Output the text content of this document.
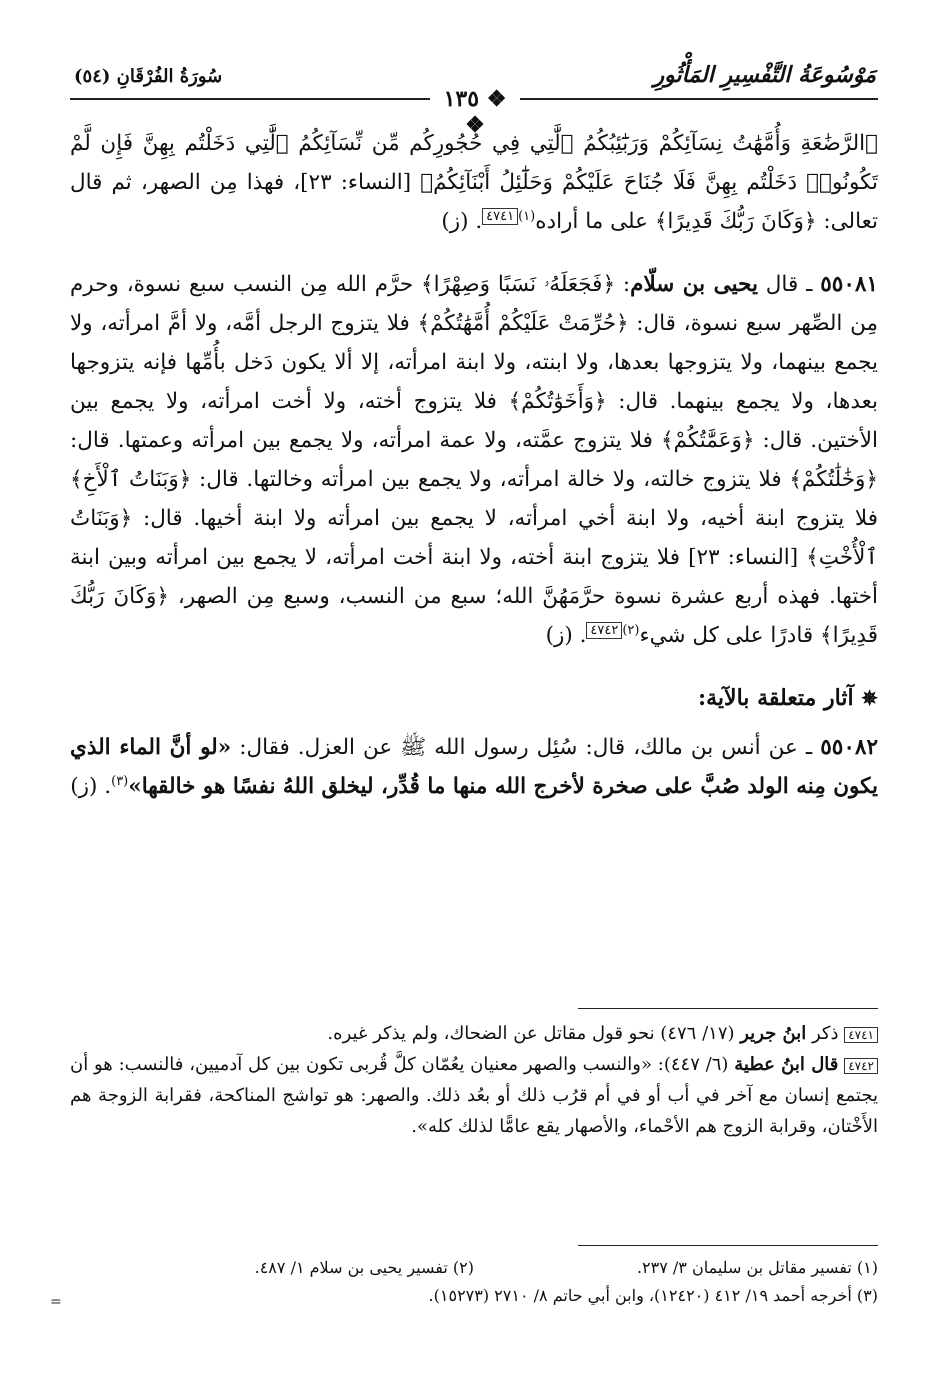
مَوْسُوعَةُ التَّفْسِيرِ المَأْثُورِ
سُورَةُ الفُرْقَانِ (٥٤)
❖ ١٣٥ ❖

﴿الرَّضَٰعَةِ وَأُمَّهَٰتُ نِسَآئِكُمْ وَرَبَٰٓئِبُكُمُ ٱلَّٰتِي فِي حُجُورِكُم مِّن نِّسَآئِكُمُ ٱلَّٰتِي دَخَلْتُم بِهِنَّ فَإِن لَّمْ تَكُونُوا۟ دَخَلْتُم بِهِنَّ فَلَا جُنَاحَ عَلَيْكُمْ وَحَلَٰٓئِلُ أَبْنَآئِكُمُ﴾ [النساء: ٢٣]، فهذا مِن الصهر، ثم قال تعالى: ﴿وَكَانَ رَبُّكَ قَدِيرًا﴾ على ما أراده$^{(١)٤٧٤١}$. (ز)

٥٥٠٨١ ـ قال يحيى بن سلّام: ﴿فَجَعَلَهُۥ نَسَبًا وَصِهْرًا﴾ حرَّم الله مِن النسب سبع نسوة، وحرم مِن الصِّهر سبع نسوة، قال: ﴿حُرِّمَتْ عَلَيْكُمْ أُمَّهَٰتُكُمْ﴾ فلا يتزوج الرجل أمَّه، ولا أمَّ امرأته، ولا يجمع بينهما، ولا يتزوجها بعدها، ولا ابنته، ولا ابنة امرأته، إلا ألا يكون دَخل بأُمِّها فإنه يتزوجها بعدها، ولا يجمع بينهما. قال: ﴿وَأَخَوَٰتُكُمْ﴾ فلا يتزوج أخته، ولا أخت امرأته، ولا يجمع بين الأختين. قال: ﴿وَعَمَّٰتُكُمْ﴾ فلا يتزوج عمَّته، ولا عمة امرأته، ولا يجمع بين امرأته وعمتها. قال: ﴿وَخَٰلَٰتُكُمْ﴾ فلا يتزوج خالته، ولا خالة امرأته، ولا يجمع بين امرأته وخالتها. قال: ﴿وَبَنَاتُ ٱلْأَخِ﴾ فلا يتزوج ابنة أخيه، ولا ابنة أخي امرأته، لا يجمع بين امرأته ولا ابنة أخيها. قال: ﴿وَبَنَاتُ ٱلْأُخْتِ﴾ [النساء: ٢٣] فلا يتزوج ابنة أخته، ولا ابنة أخت امرأته، لا يجمع بين امرأته وبين ابنة أختها. فهذه أربع عشرة نسوة حرَّمَهُنَّ الله؛ سبع من النسب، وسبع مِن الصهر، ﴿وَكَانَ رَبُّكَ قَدِيرًا﴾ قادرًا على كل شيء$^{(٢)٤٧٤٢}$. (ز)

✵ آثار متعلقة بالآية:

٥٥٠٨٢ ـ عن أنس بن مالك، قال: سُئِل رسول الله ﷺ عن العزل. فقال: «لو أنَّ الماء الذي يكون مِنه الولد صُبَّ على صخرة لأخرج الله منها ما قُدِّر، ليخلق اللهُ نفسًا هو خالقها»$^{(٣)}$. (ز)

٤٧٤١ ذكر ابنُ جرير (١٧/ ٤٧٦) نحو قول مقاتل عن الضحاك، ولم يذكر غيره.

٤٧٤٢ قال ابنُ عطية (٦/ ٤٤٧): «والنسب والصهر معنيان يعُمّان كلَّ قُربى تكون بين كل آدميين، فالنسب: هو أن يجتمع إنسان مع آخر في أب أو في أم قرُب ذلك أو بعُد ذلك. والصهر: هو تواشج المناكحة، فقرابة الزوجة هم الأَخْتان، وقرابة الزوج هم الأحْماء، والأصهار يقع عامًّا لذلك كله».

(١) تفسير مقاتل بن سليمان ٣/ ٢٣٧.
(٢) تفسير يحيى بن سلام ١/ ٤٨٧.
(٣) أخرجه أحمد ١٩/ ٤١٢ (١٢٤٢٠)، وابن أبي حاتم ٨/ ٢٧١٠ (١٥٢٧٣).
=
